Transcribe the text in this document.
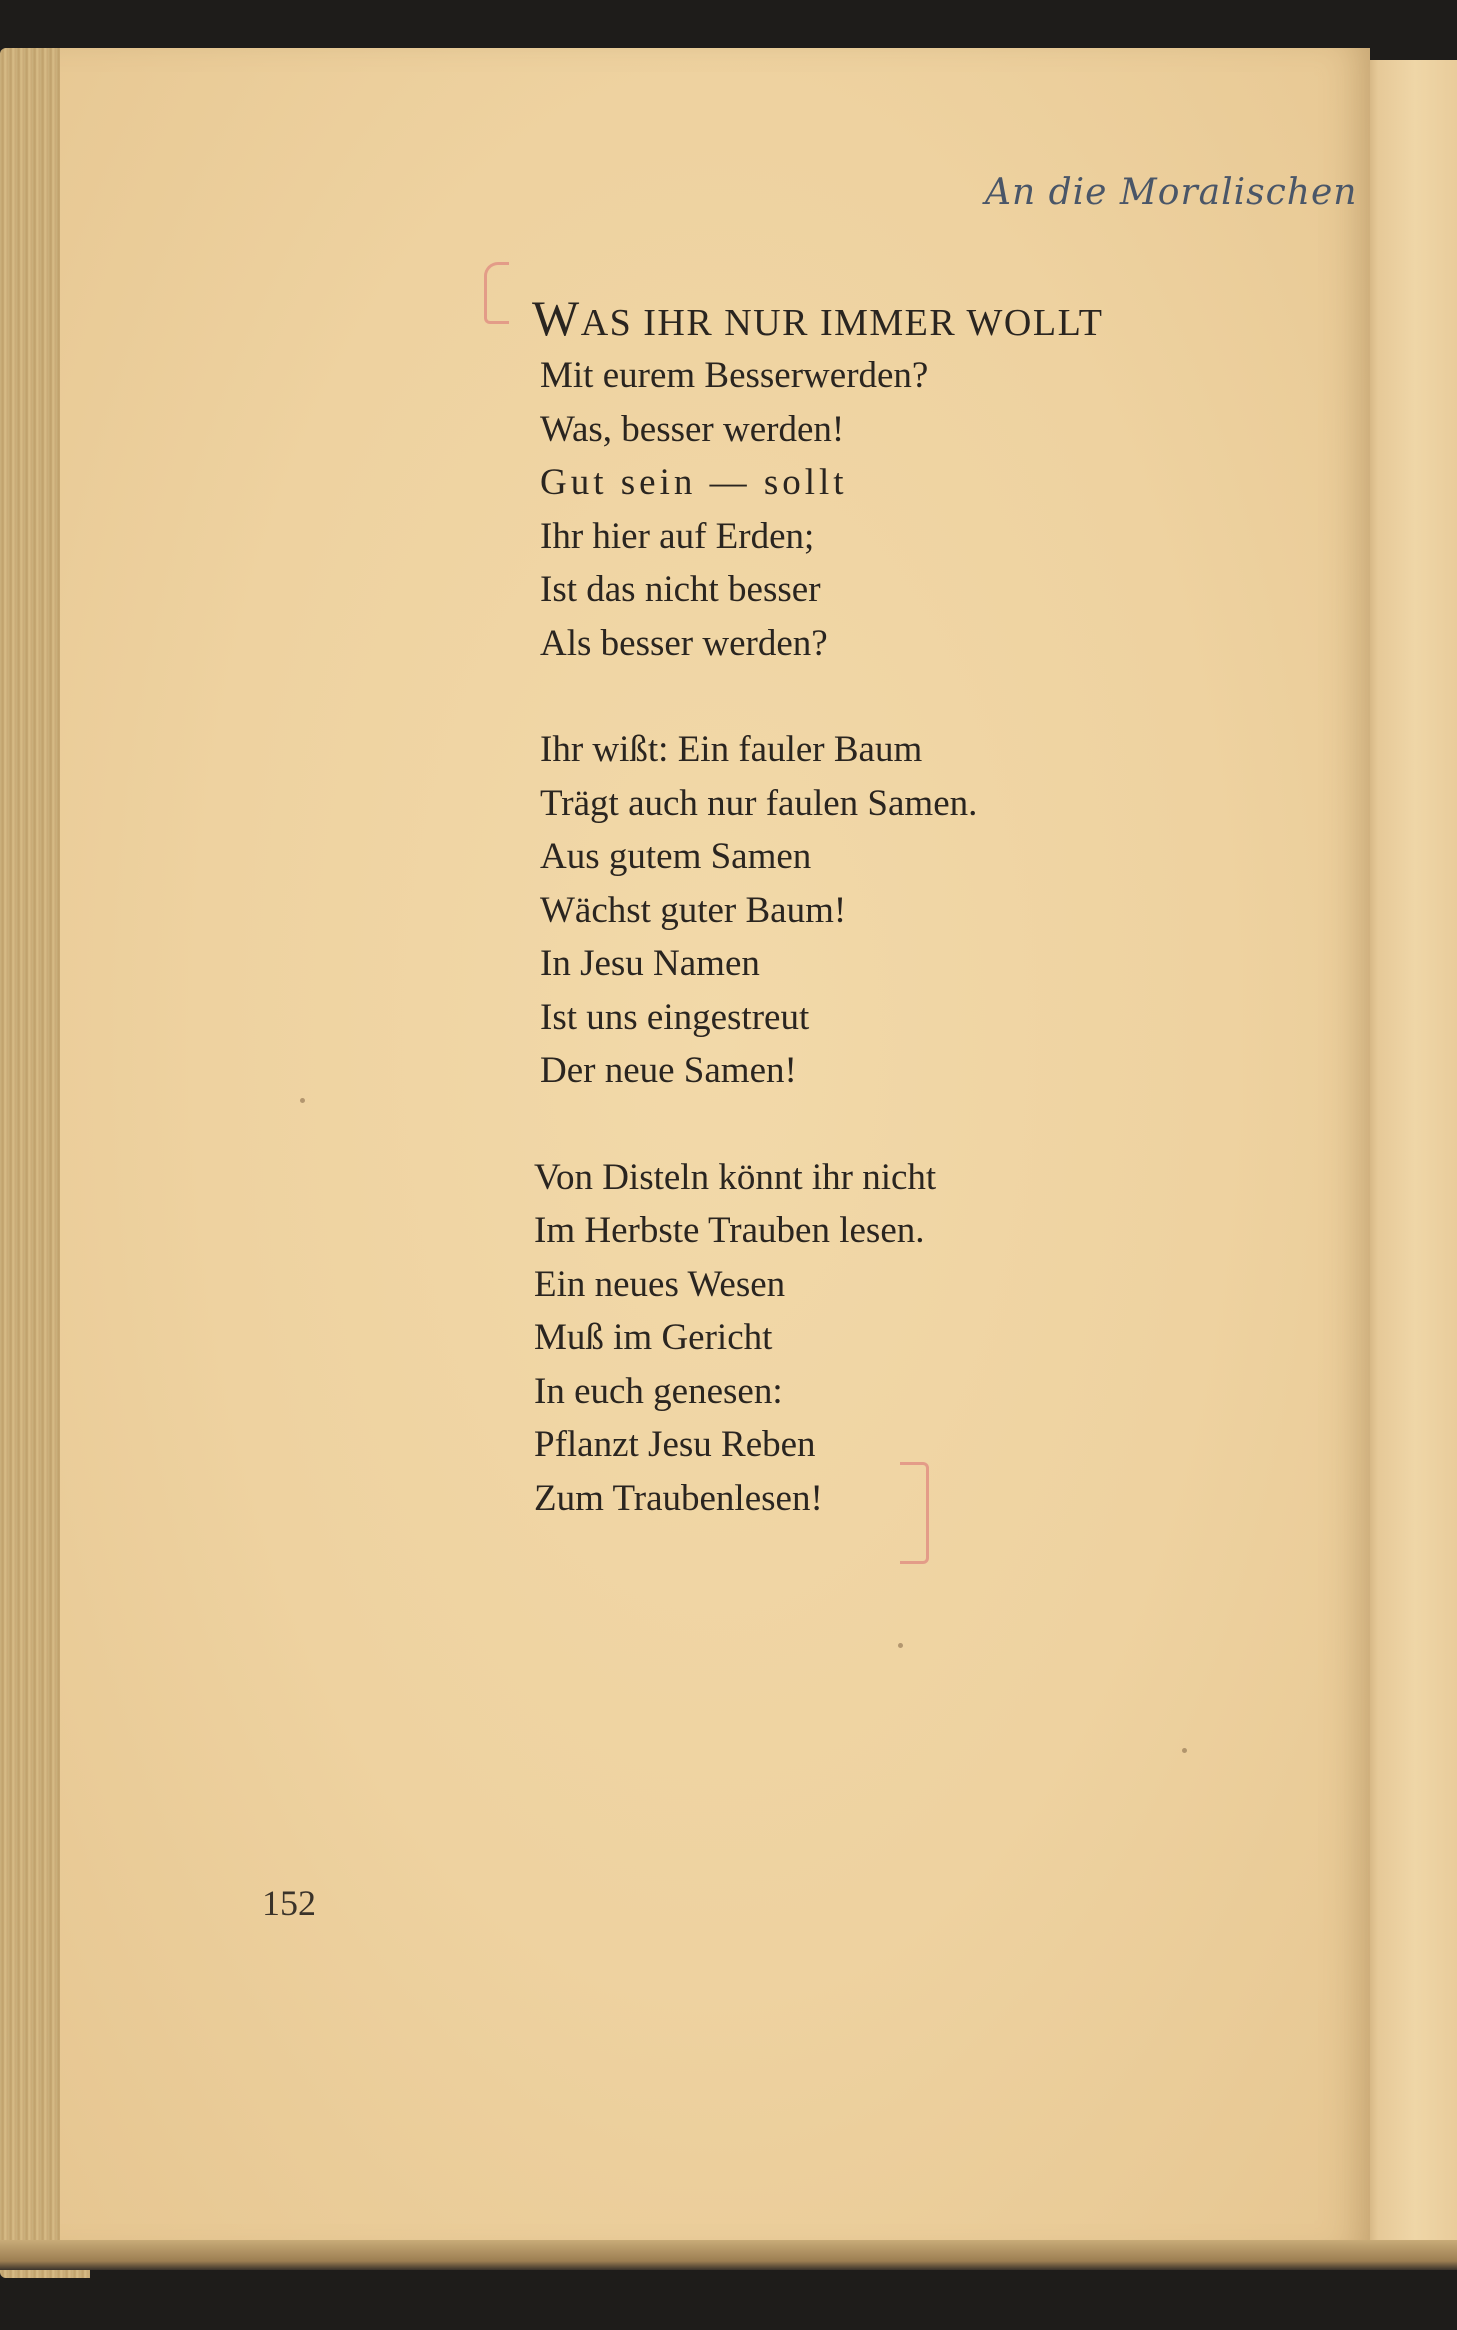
An die Moralischen
WAS IHR NUR IMMER WOLLT
Mit eurem Besserwerden?
Was, besser werden!
Gut sein — sollt
Ihr hier auf Erden;
Ist das nicht besser
Als besser werden?
Ihr wißt: Ein fauler Baum
Trägt auch nur faulen Samen.
Aus gutem Samen
Wächst guter Baum!
In Jesu Namen
Ist uns eingestreut
Der neue Samen!
Von Disteln könnt ihr nicht
Im Herbste Trauben lesen.
Ein neues Wesen
Muß im Gericht
In euch genesen:
Pflanzt Jesu Reben
Zum Traubenlesen!
152
